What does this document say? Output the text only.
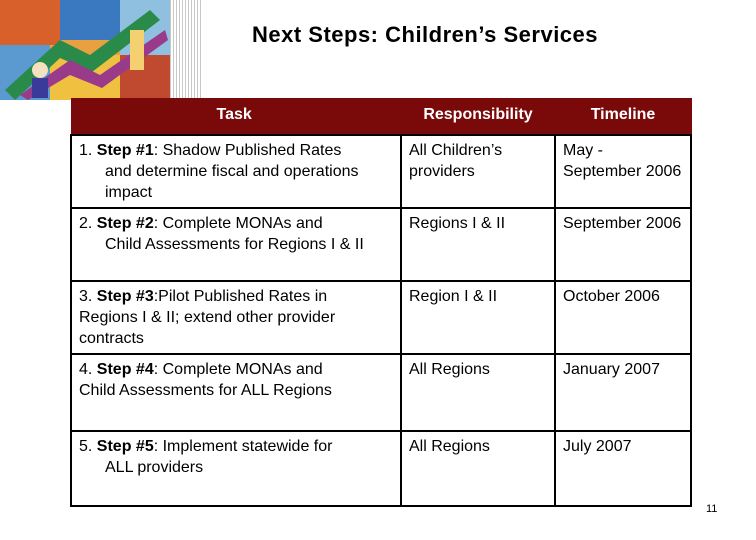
Next Steps: Children’s Services
Task	Responsibility	Timeline

1. Step #1: Shadow Published Rates
and determine fiscal and operations impact	All Children’s providers	May - September 2006

2. Step #2: Complete MONAs and
Child Assessments for Regions I & II	Regions I & II	September 2006

3. Step #3:Pilot Published Rates in
Regions I & II; extend other provider contracts	Region I & II	October 2006

4. Step #4: Complete MONAs and
Child Assessments for ALL Regions	All Regions	January 2007

5. Step #5: Implement statewide for
ALL providers	All Regions	July 2007
11
